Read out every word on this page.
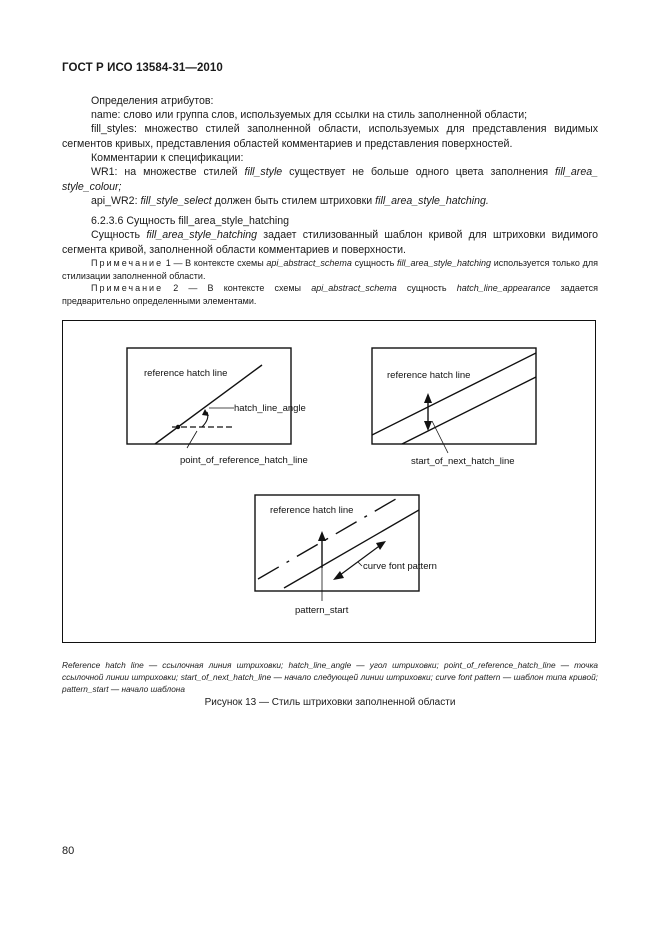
ГОСТ Р ИСО 13584-31—2010
Определения атрибутов:
name: слово или группа слов, используемых для ссылки на стиль заполненной области;
fill_styles: множество стилей заполненной области, используемых для представления видимых сегментов кривых, представления областей комментариев и представления поверхностей.
Комментарии к спецификации:
WR1: на множестве стилей fill_style существует не больше одного цвета заполнения fill_area_ style_colour;
api_WR2: fill_style_select должен быть стилем штриховки fill_area_style_hatching.
6.2.3.6 Сущность fill_area_style_hatching
Сущность fill_area_style_hatching задает стилизованный шаблон кривой для штриховки видимого сегмента кривой, заполненной области комментариев и поверхности.
Примечание 1 — В контексте схемы api_abstract_schema сущность fill_area_style_hatching используется только для стилизации заполненной области.
Примечание 2 — В контексте схемы api_abstract_schema сущность hatch_line_appearance задается предварительно определенными элементами.
reference hatch line
hatch_line_angle
point_of_reference_hatch_line
reference hatch line
start_of_next_hatch_line
reference hatch line
curve font pattern
pattern_start
Reference hatch line — ссылочная линия штриховки; hatch_line_angle — угол штриховки; point_of_reference_hatch_line — точка ссылочной линии штриховки; start_of_next_hatch_line — начало следующей линии штриховки; curve font pattern — шаблон типа кривой; pattern_start — начало шаблона
Рисунок 13 — Стиль штриховки заполненной области
80
